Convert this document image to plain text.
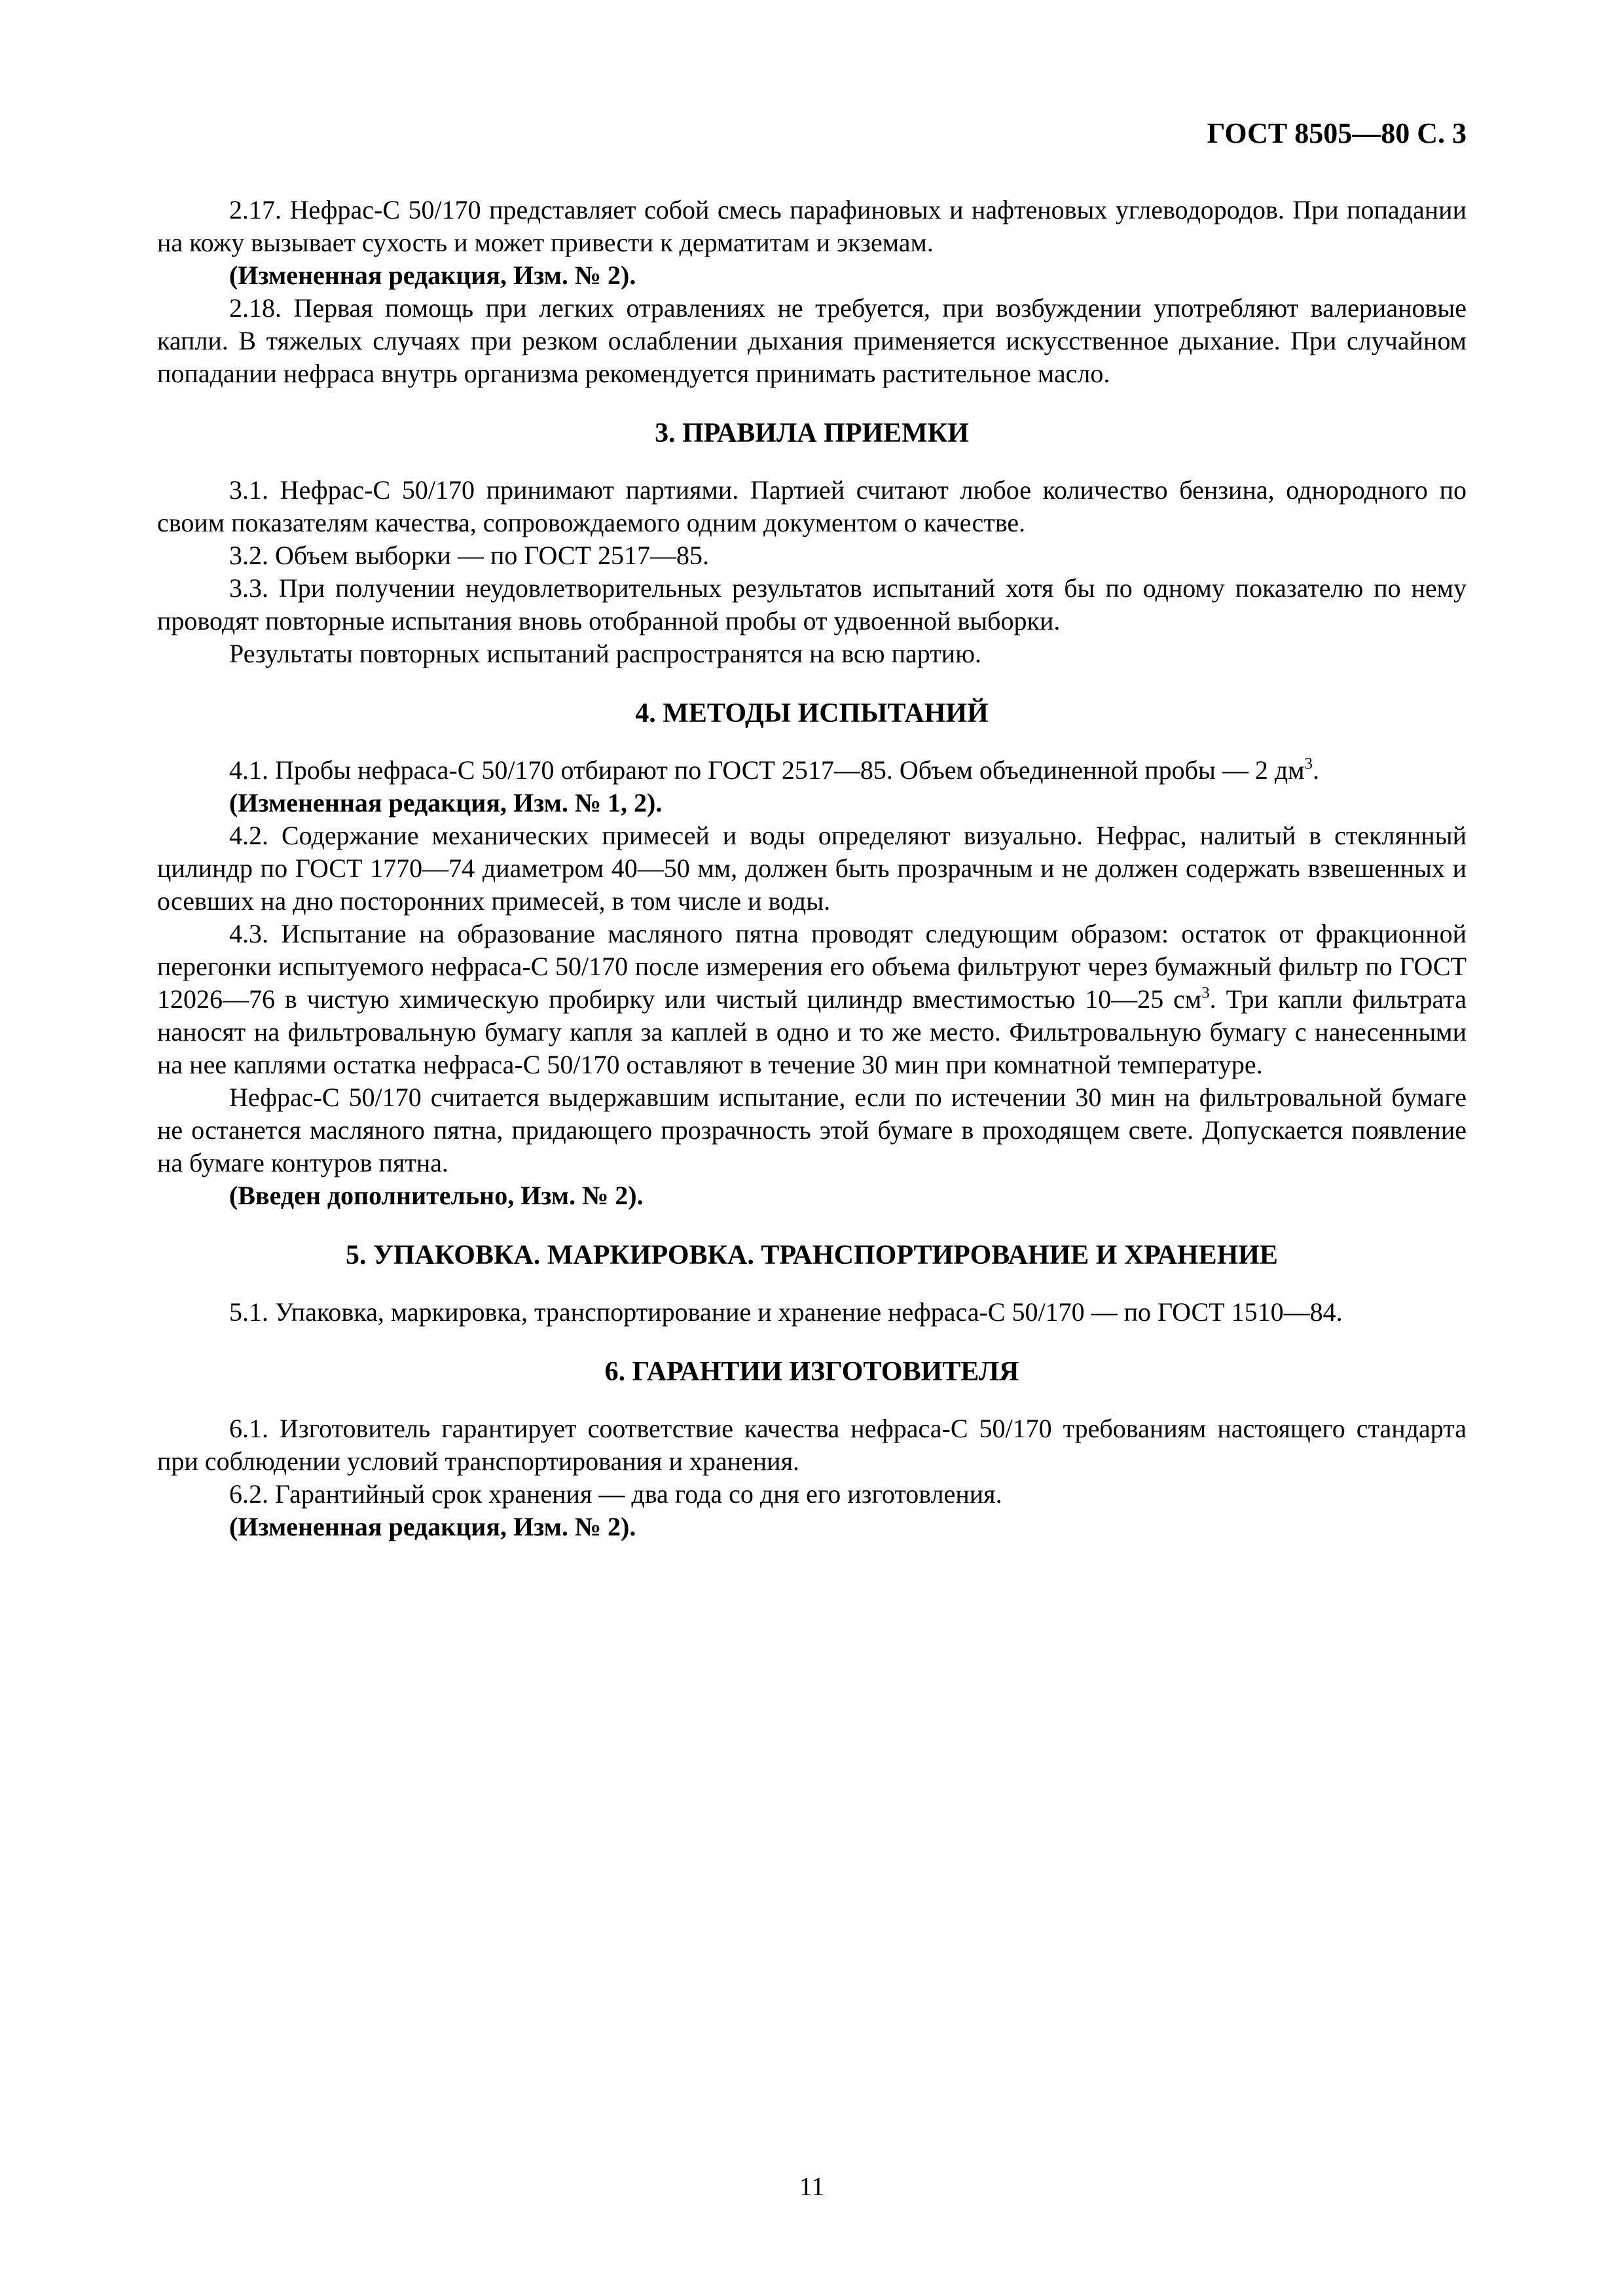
ГОСТ 8505—80 С. 3

2.17. Нефрас-С 50/170 представляет собой смесь парафиновых и нафтеновых углеводородов. При попадании на кожу вызывает сухость и может привести к дерматитам и экземам.

(Измененная редакция, Изм. № 2).

2.18. Первая помощь при легких отравлениях не требуется, при возбуждении употребляют валериановые капли. В тяжелых случаях при резком ослаблении дыхания применяется искусственное дыхание. При случайном попадании нефраса внутрь организма рекомендуется принимать растительное масло.

3. ПРАВИЛА ПРИЕМКИ

3.1. Нефрас-С 50/170 принимают партиями. Партией считают любое количество бензина, однородного по своим показателям качества, сопровождаемого одним документом о качестве.

3.2. Объем выборки — по ГОСТ 2517—85.

3.3. При получении неудовлетворительных результатов испытаний хотя бы по одному показателю по нему проводят повторные испытания вновь отобранной пробы от удвоенной выборки.

Результаты повторных испытаний распространятся на всю партию.

4. МЕТОДЫ ИСПЫТАНИЙ

4.1. Пробы нефраса-С 50/170 отбирают по ГОСТ 2517—85. Объем объединенной пробы — 2 $дм^3$.

(Измененная редакция, Изм. № 1, 2).

4.2. Содержание механических примесей и воды определяют визуально. Нефрас, налитый в стеклянный цилиндр по ГОСТ 1770—74 диаметром 40—50 мм, должен быть прозрачным и не должен содержать взвешенных и осевших на дно посторонних примесей, в том числе и воды.

4.3. Испытание на образование масляного пятна проводят следующим образом: остаток от фракционной перегонки испытуемого нефраса-С 50/170 после измерения его объема фильтруют через бумажный фильтр по ГОСТ 12026—76 в чистую химическую пробирку или чистый цилиндр вместимостью 10—25 $см^3$. Три капли фильтрата наносят на фильтровальную бумагу капля за каплей в одно и то же место. Фильтровальную бумагу с нанесенными на нее каплями остатка нефраса-С 50/170 оставляют в течение 30 мин при комнатной температуре.

Нефрас-С 50/170 считается выдержавшим испытание, если по истечении 30 мин на фильтровальной бумаге не останется масляного пятна, придающего прозрачность этой бумаге в проходящем свете. Допускается появление на бумаге контуров пятна.

(Введен дополнительно, Изм. № 2).

5. УПАКОВКА. МАРКИРОВКА. ТРАНСПОРТИРОВАНИЕ И ХРАНЕНИЕ

5.1. Упаковка, маркировка, транспортирование и хранение нефраса-С 50/170 — по ГОСТ 1510—84.

6. ГАРАНТИИ ИЗГОТОВИТЕЛЯ

6.1. Изготовитель гарантирует соответствие качества нефраса-С 50/170 требованиям настоящего стандарта при соблюдении условий транспортирования и хранения.

6.2. Гарантийный срок хранения — два года со дня его изготовления.

(Измененная редакция, Изм. № 2).

11
